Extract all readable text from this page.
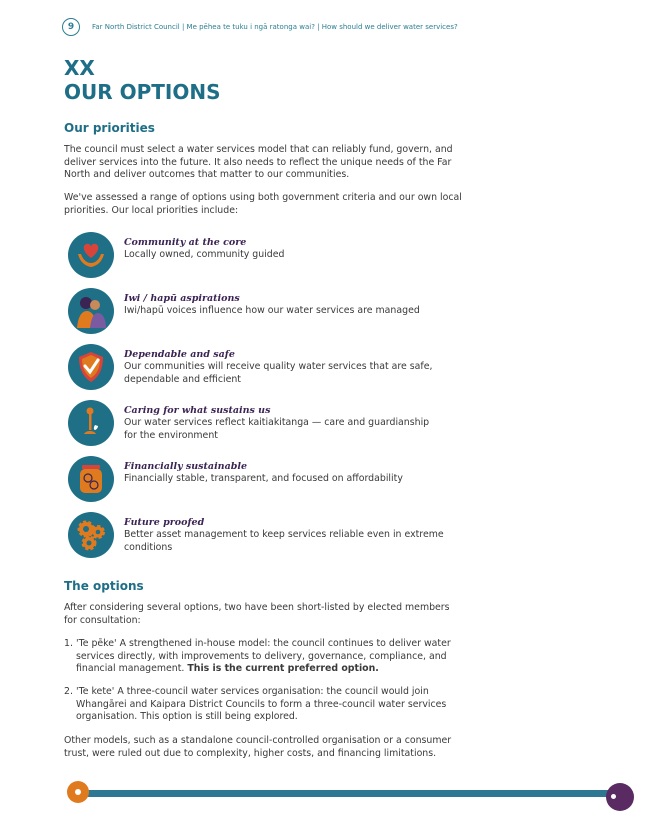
9	Far North District Council | Me pēhea te tuku i ngā ratonga wai? | How should we deliver water services?
XX
OUR OPTIONS
Our priorities

The council must select a water services model that can reliably fund, govern, and deliver services into the future. It also needs to reflect the unique needs of the Far North and deliver outcomes that matter to our communities.

We've assessed a range of options using both government criteria and our own local priorities. Our local priorities include:

Community at the core
Locally owned, community guided
Iwi / hapū aspirations
Iwi/hapū voices influence how our water services are managed
Dependable and safe
Our communities will receive quality water services that are safe, dependable and efficient
Caring for what sustains us
Our water services reflect kaitiakitanga — care and guardianship for the environment
Financially sustainable
Financially stable, transparent, and focused on affordability
Future proofed
Better asset management to keep services reliable even in extreme conditions
The options

After considering several options, two have been short-listed by elected members for consultation:

1. 'Te pēke' A strengthened in-house model: the council continues to deliver water services directly, with improvements to delivery, governance, compliance, and financial management. This is the current preferred option.
2. 'Te kete' A three-council water services organisation: the council would join Whangārei and Kaipara District Councils to form a three-council water services organisation. This option is still being explored.

Other models, such as a standalone council-controlled organisation or a consumer trust, were ruled out due to complexity, higher costs, and financing limitations.
